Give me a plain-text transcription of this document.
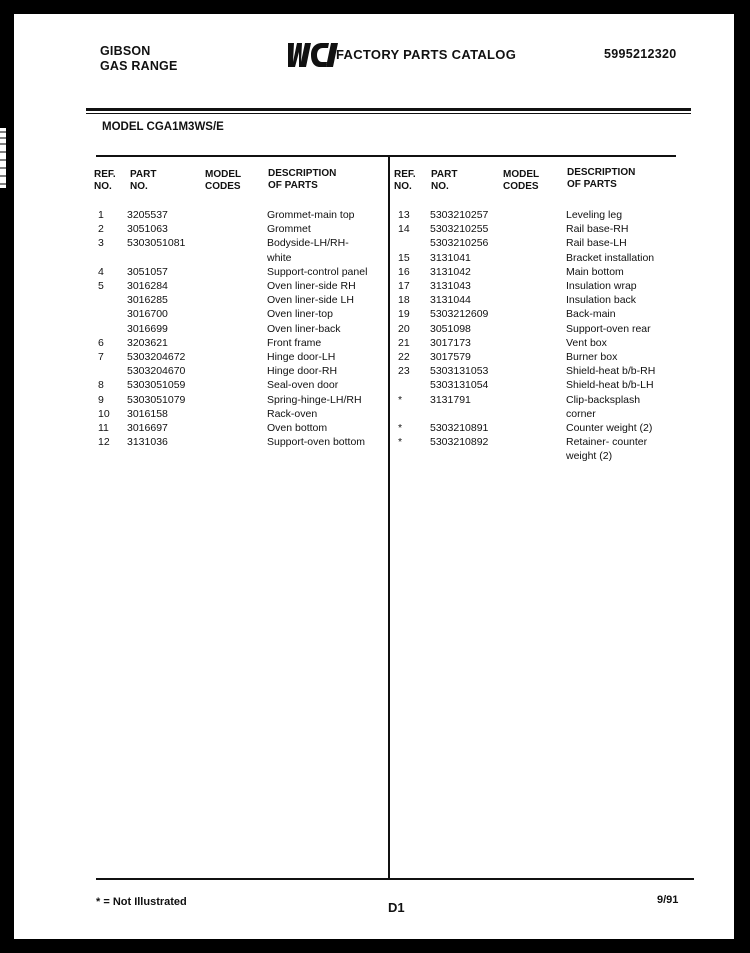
GIBSON
GAS RANGE
WCI
FACTORY PARTS CATALOG	5995212320
MODEL CGA1M3WS/E
REF.
NO.
PART
NO.
MODEL
CODES
DESCRIPTION
OF PARTS
REF.
NO.
PART
NO.
MODEL
CODES
DESCRIPTION
OF PARTS
1 3205537	Grommet-main top
2 3051063	Grommet
3 5303051081	Bodyside-LH/RH-
white
4 3051057	Support-control panel
5 3016284	Oven liner-side RH
3016285	Oven liner-side LH
3016700	Oven liner-top
3016699	Oven liner-back
6 3203621	Front frame
7 5303204672	Hinge door-LH
5303204670	Hinge door-RH
8 5303051059	Seal-oven door
9 5303051079	Spring-hinge-LH/RH
10 3016158	Rack-oven
11 3016697	Oven bottom
12 3131036	Support-oven bottom
13 5303210257	Leveling leg
14 5303210255	Rail base-RH
5303210256	Rail base-LH
15 3131041	Bracket installation
16 3131042	Main bottom
17 3131043	Insulation wrap
18 3131044	Insulation back
19 5303212609	Back-main
20 3051098	Support-oven rear
21 3017173	Vent box
22 3017579	Burner box
23 5303131053	Shield-heat b/b-RH
5303131054	Shield-heat b/b-LH
*	3131791	Clip-backsplash
corner
*	5303210891	Counter weight (2)
*	5303210892	Retainer- counter
weight (2)
* = Not Illustrated	D1	9/91
